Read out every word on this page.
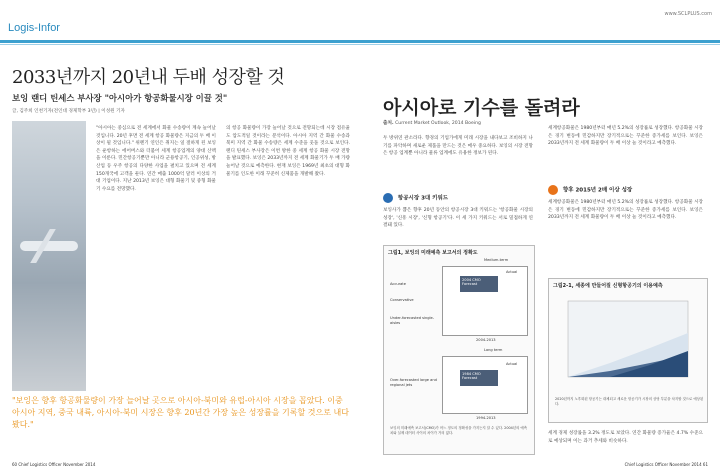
www.SCLPLUS.com
Logis-Infor
2033년까지 20년내 두배 성장할 것
보잉 랜디 틴세스 부사장 "아시아가 항공화물시장 이끌 것"
글, 김주희 인천기자(전인대 경제학부 3년) | 이성원 기자
"아시아는 중심으로 전 세계에서 화물 수송량이 계속 늘어날 것입니다. 20년 후면 전 세계 항공 화물량은 지금의 두 배 이상이 될 것입니다." 위렌기 연인은 취지는 일 절하게 된 보잉은 운항하는 에어버스와 더불어 세계 항공업계의 양대 산맥을 이룬다. 민간항공기뿐만 아니라 군용항공기, 인공위성, 방산업 등 우주 항공의 다양한 사업을 펼치고 있으며 전 세계 150개국에 고객을 둔다. 연간 매출 1000억 달러 이상의 거대 기업이다. 지난 2013년 보잉은 대형 화물기 및 중형 화물기 수요를 전망했다.
의 항공 화물량이 가장 늘어날 것으로 전망되는데 시장 점유율도 압도적일 것이라는 분석이다. 아시아 지역 간 화물 수송과 북미 지역 간 화물 수송량은 세계 수준을 웃돌 것으로 보인다. 랜디 틴세스 부사장은 이번 방한 중 세계 항공 화물 시장 전망을 발표했다. 보잉은 2033년까지 전 세계 화물기가 두 배 가량 늘어날 것으로 예측한다. 현재 보잉은 1969년 최초의 대형 화물기를 인도한 이래 꾸준히 신제품을 개발해 왔다.
"보잉은 향후 항공화물량이 가장 늘어날 곳으로 아시아-북미와 유럽-아시아 시장을 꼽았다. 이중 아시아 지역, 중국 내륙, 아시아-북미 시장은 향후 20년간 가장 높은 성장률을 기록할 것으로 내다봤다."
60 Chief Logistics Officer November 2014
아시아로 기수를 돌려라
출처. Current Market Outlook, 2014 Boeing
두 방위연 관소라다. 향경의 기업가에게 미래 시장을 내다보고 조비하지 나 기를 파악하며 새로운 제품을 만드는 것은 매우 중요하다. 보잉의 시장 전망은 항공 업계뿐 아니라 물류 업계에도 유용한 정보가 된다.
항공시장 3대 키워드
보잉사가 뽑은 향후 20년 동안의 항공시장 3대 키워드는 '항공화물 시장의 성장', '신흥 시장', '신형 항공기'다. 이 세 가지 키워드는 서로 밀접하게 연결돼 있다.
그림1, 보잉의 미래예측 보고서의 정확도
Medium-term
2004 CMO Forecast
Actual
2004-2013
Accurate
Conservative
Under-forecasted single-aisles
Long term
1984 CMO Forecast
Actual
Over-forecasted large and regional jets
1994-2013
보잉의 미래예측 보고서(CMO)가 어느 정도의 정확성을 가지는지 알 수 있다. 2004년의 예측치와 실제 데이터 사이의 차이가 거의 없다.
세계항공화물은 1980년부터 매년 5.2%의 성장률로 성장했다. 항공화물 시장은 경기 변동에 민감하지만 장기적으로는 꾸준한 증가세를 보인다. 보잉은 2033년까지 전 세계 화물량이 두 배 이상 늘 것이라고 예측했다.
향후 2015년 2배 이상 성장
세계항공화물은 1980년부터 매년 5.2%의 성장률로 성장했다. 항공화물 시장은 경기 변동에 민감하지만 장기적으로는 꾸준한 증가세를 보인다. 보잉은 2033년까지 전 세계 화물량이 두 배 이상 늘 것이라고 예측했다.
그림2-1, 세종에 만들어질 신형항공기의 이용예측
2020년까지 노후화된 항공기는 대체되고 새로운 항공기가 시장의 상당 부분을 차지할 것으로 예상된다.
세계 경제 성장률을 3.2% 정도로 보았다. 연간 화물량 증가율은 4.7% 수준으로 예상되며 이는 과거 추세와 비슷하다.
Chief Logistics Officer November 2014 61
